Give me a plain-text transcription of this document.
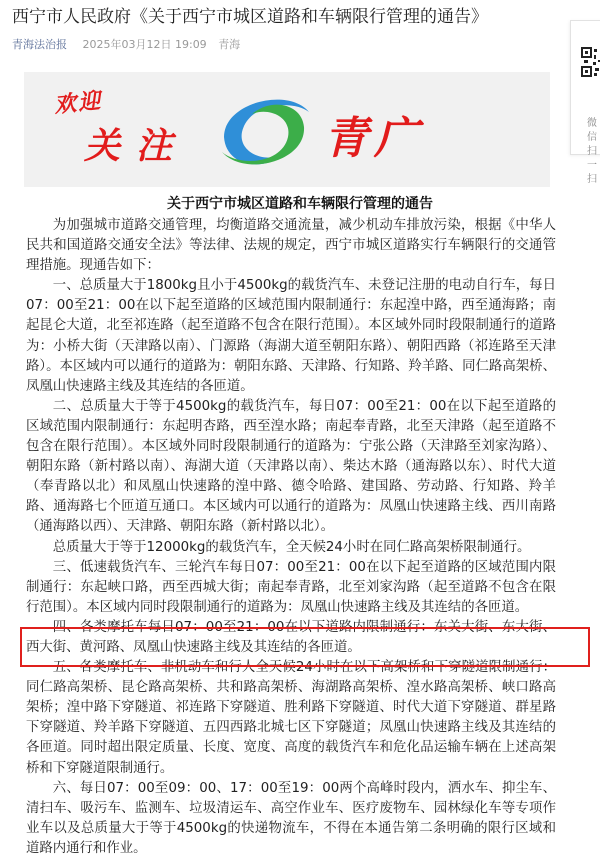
西宁市人民政府《关于西宁市城区道路和车辆限行管理的通告》
青海法治报 2025年03月12日 19:09 青海
微信扫一扫
欢迎
关注	青广
关于西宁市城区道路和车辆限行管理的通告

为加强城市道路交通管理，均衡道路交通流量，减少机动车排放污染，根据《中华人民共和国道路交通安全法》等法律、法规的规定，西宁市城区道路实行车辆限行的交通管理措施。现通告如下：

一、总质量大于1800kg且小于4500kg的载货汽车、未登记注册的电动自行车，每日07：00至21：00在以下起至道路的区域范围内限制通行：东起湟中路，西至通海路；南起昆仑大道，北至祁连路（起至道路不包含在限行范围）。本区域外同时段限制通行的道路为：小桥大街（天津路以南）、门源路（海湖大道至朝阳东路）、朝阳西路（祁连路至天津路）。本区域内可以通行的道路为：朝阳东路、天津路、行知路、羚羊路、同仁路高架桥、凤凰山快速路主线及其连结的各匝道。

二、总质量大于等于4500kg的载货汽车，每日07：00至21：00在以下起至道路的区域范围内限制通行：东起明杏路，西至湟水路；南起奉青路，北至天津路（起至道路不包含在限行范围）。本区域外同时段限制通行的道路为：宁张公路（天津路至刘家沟路）、朝阳东路（新村路以南）、海湖大道（天津路以南）、柴达木路（通海路以东）、时代大道（奉青路以北）和凤凰山快速路的湟中路、德令哈路、建国路、劳动路、行知路、羚羊路、通海路七个匝道互通口。本区域内可以通行的道路为：凤凰山快速路主线、西川南路（通海路以西）、天津路、朝阳东路（新村路以北）。

总质量大于等于12000kg的载货汽车，全天候24小时在同仁路高架桥限制通行。

三、低速载货汽车、三轮汽车每日07：00至21：00在以下起至道路的区域范围内限制通行：东起峡口路，西至西城大街；南起奉青路，北至刘家沟路（起至道路不包含在限行范围）。本区域内同时段限制通行的道路为：凤凰山快速路主线及其连结的各匝道。

四、各类摩托车每日07：00至21：00在以下道路内限制通行：东关大街、东大街、西大街、黄河路、凤凰山快速路主线及其连结的各匝道。

五、各类摩托车、非机动车和行人全天候24小时在以下高架桥和下穿隧道限制通行：同仁路高架桥、昆仑路高架桥、共和路高架桥、海湖路高架桥、湟水路高架桥、峡口路高架桥；湟中路下穿隧道、祁连路下穿隧道、胜利路下穿隧道、时代大道下穿隧道、群星路下穿隧道、羚羊路下穿隧道、五四西路北城七区下穿隧道；凤凰山快速路主线及其连结的各匝道。同时超出限定质量、长度、宽度、高度的载货汽车和危化品运输车辆在上述高架桥和下穿隧道限制通行。

六、每日07：00至09：00、17：00至19：00两个高峰时段内，洒水车、抑尘车、清扫车、吸污车、监测车、垃圾清运车、高空作业车、医疗废物车、园林绿化车等专项作业车以及总质量大于等于4500kg的快递物流车，不得在本通告第二条明确的限行区域和道路内通行和作业。
